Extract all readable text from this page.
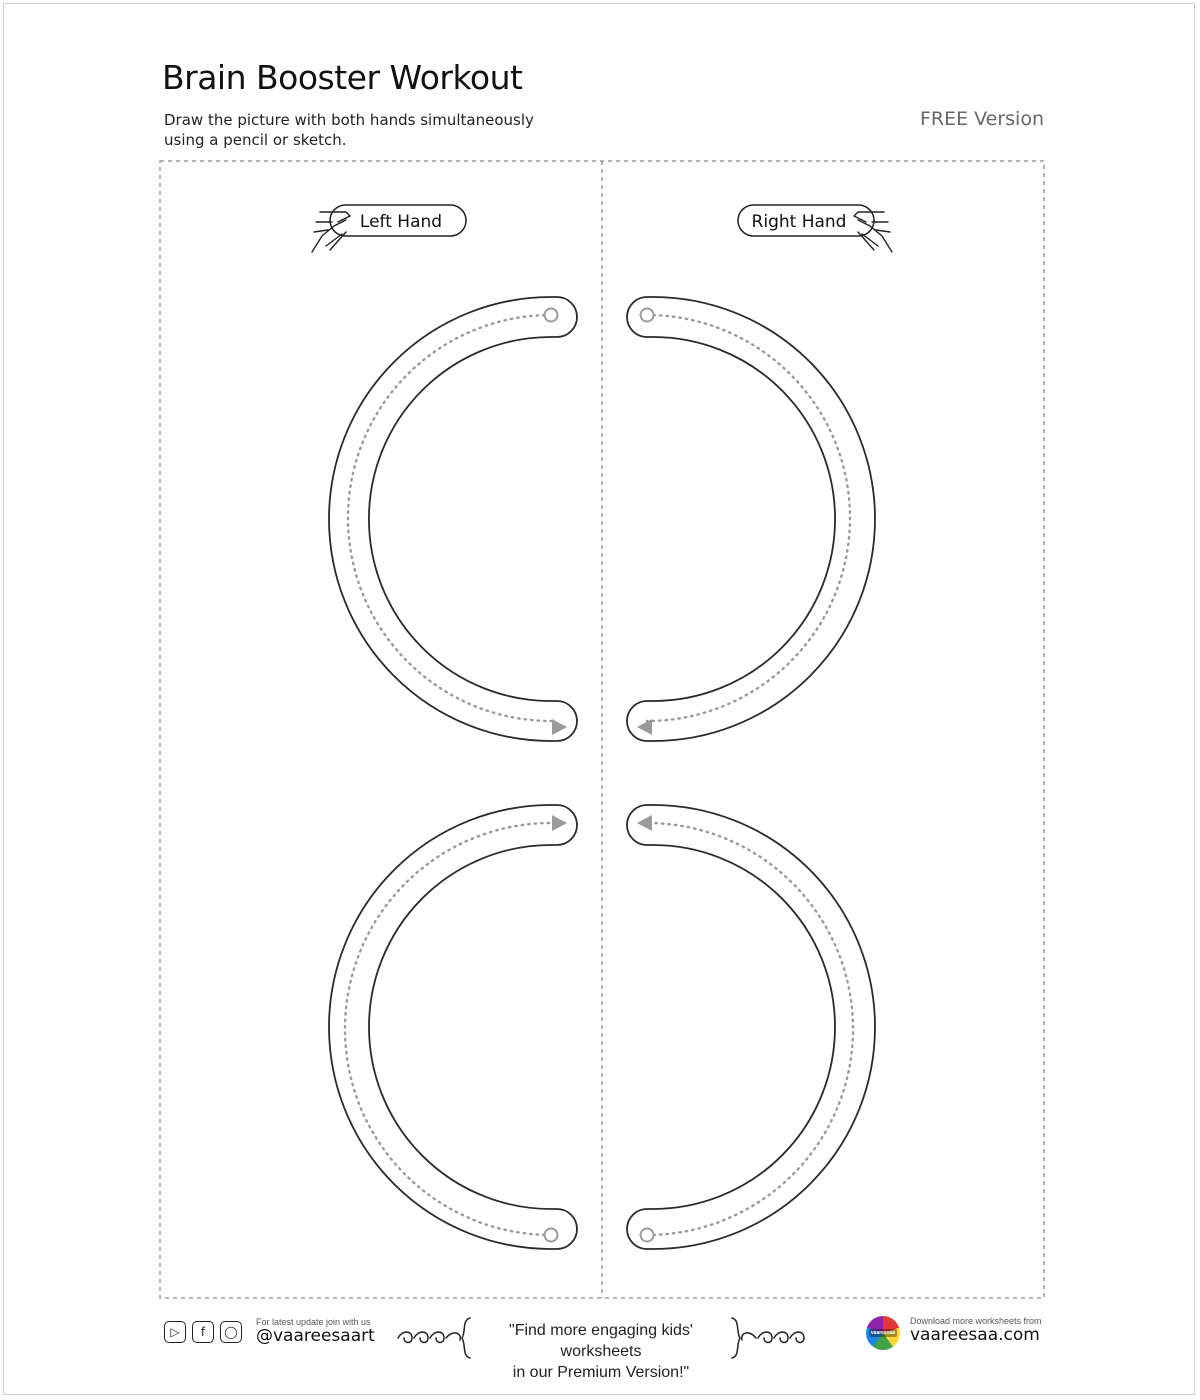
Brain Booster Workout

Draw the picture with both hands simultaneously
using a pencil or sketch.

FREE Version
Left Hand	Right Hand
▷	f	◯
For latest update join with us
@vaareesaart	"Find more engaging kids' worksheets
in our Premium Version!"
vaareesaa
Download more worksheets from
vaareesaa.com
